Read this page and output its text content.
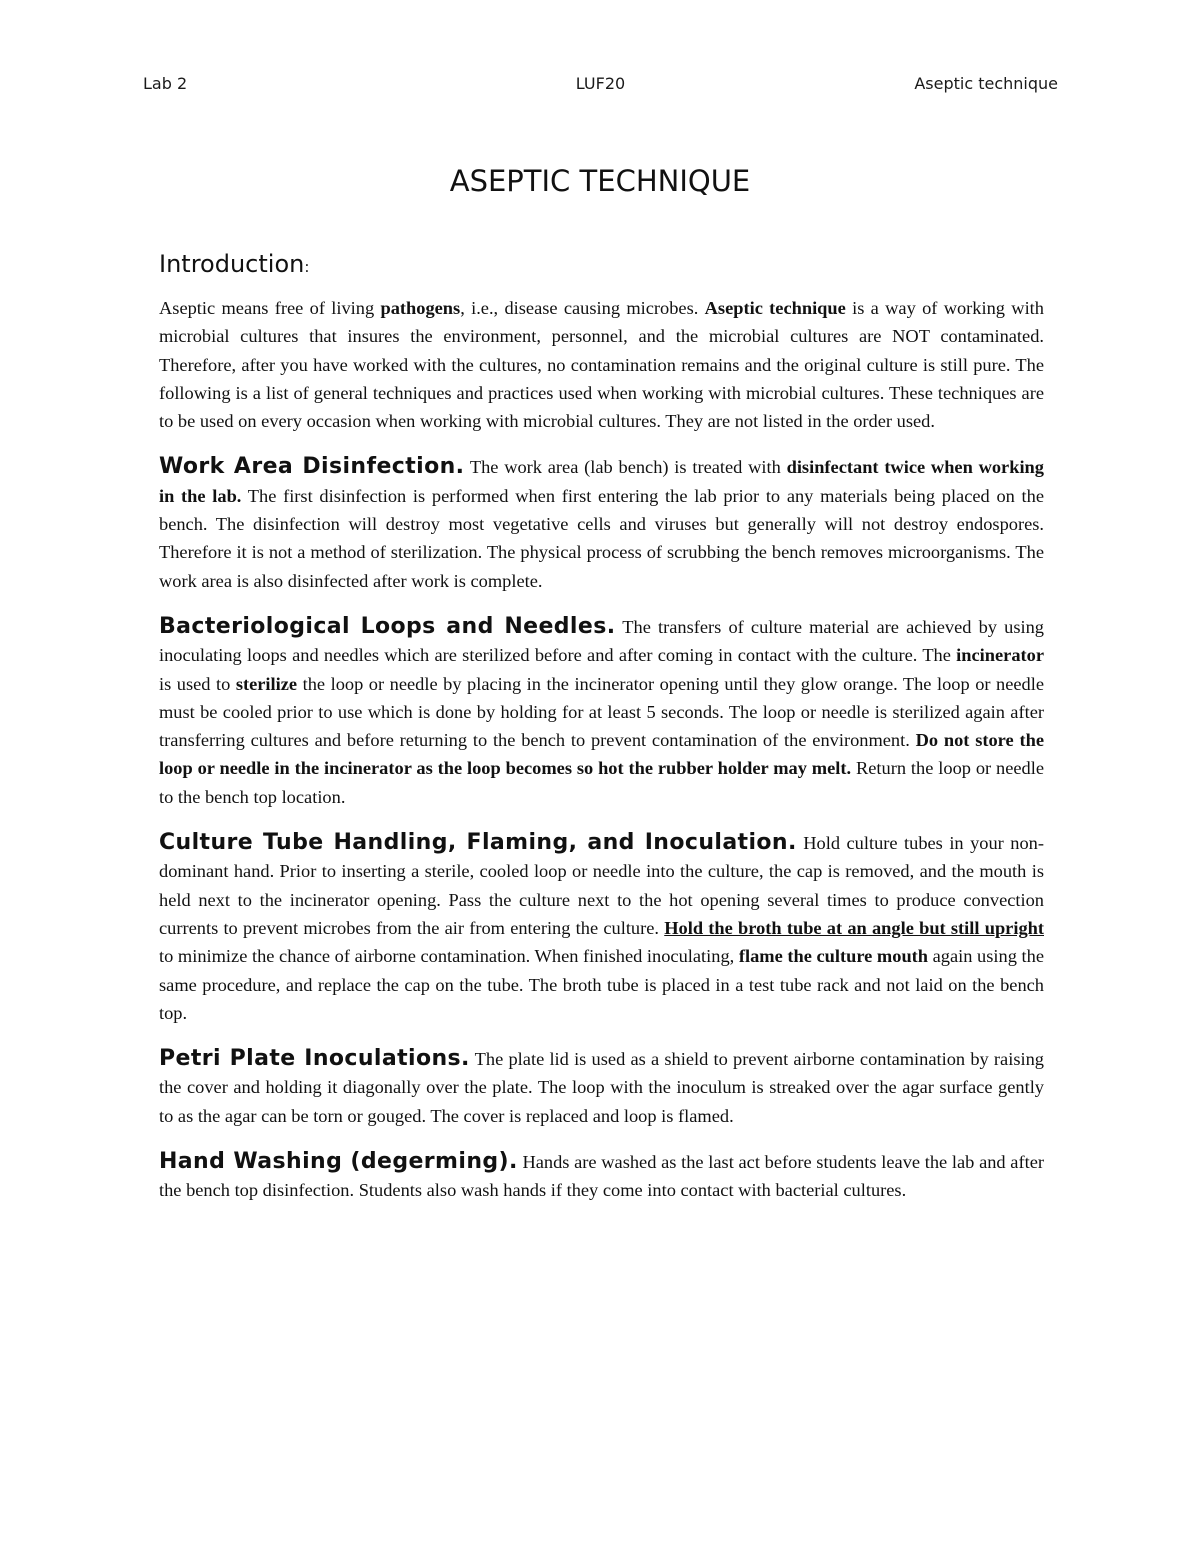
Lab 2	LUF20	Aseptic technique
ASEPTIC TECHNIQUE
Introduction:

Aseptic means free of living pathogens, i.e., disease causing microbes. Aseptic technique is a way of working with microbial cultures that insures the environment, personnel, and the microbial cultures are NOT contaminated. Therefore, after you have worked with the cultures, no contamination remains and the original culture is still pure. The following is a list of general techniques and practices used when working with microbial cultures. These techniques are to be used on every occasion when working with microbial cultures. They are not listed in the order used.

Work Area Disinfection. The work area (lab bench) is treated with disinfectant twice when working in the lab. The first disinfection is performed when first entering the lab prior to any materials being placed on the bench. The disinfection will destroy most vegetative cells and viruses but generally will not destroy endospores. Therefore it is not a method of sterilization. The physical process of scrubbing the bench removes microorganisms. The work area is also disinfected after work is complete.

Bacteriological Loops and Needles. The transfers of culture material are achieved by using inoculating loops and needles which are sterilized before and after coming in contact with the culture. The incinerator is used to sterilize the loop or needle by placing in the incinerator opening until they glow orange. The loop or needle must be cooled prior to use which is done by holding for at least 5 seconds. The loop or needle is sterilized again after transferring cultures and before returning to the bench to prevent contamination of the environment. Do not store the loop or needle in the incinerator as the loop becomes so hot the rubber holder may melt. Return the loop or needle to the bench top location.

Culture Tube Handling, Flaming, and Inoculation. Hold culture tubes in your non-dominant hand. Prior to inserting a sterile, cooled loop or needle into the culture, the cap is removed, and the mouth is held next to the incinerator opening. Pass the culture next to the hot opening several times to produce convection currents to prevent microbes from the air from entering the culture. Hold the broth tube at an angle but still upright to minimize the chance of airborne contamination. When finished inoculating, flame the culture mouth again using the same procedure, and replace the cap on the tube. The broth tube is placed in a test tube rack and not laid on the bench top.

Petri Plate Inoculations. The plate lid is used as a shield to prevent airborne contamination by raising the cover and holding it diagonally over the plate. The loop with the inoculum is streaked over the agar surface gently to as the agar can be torn or gouged. The cover is replaced and loop is flamed.

Hand Washing (degerming). Hands are washed as the last act before students leave the lab and after the bench top disinfection. Students also wash hands if they come into contact with bacterial cultures.
